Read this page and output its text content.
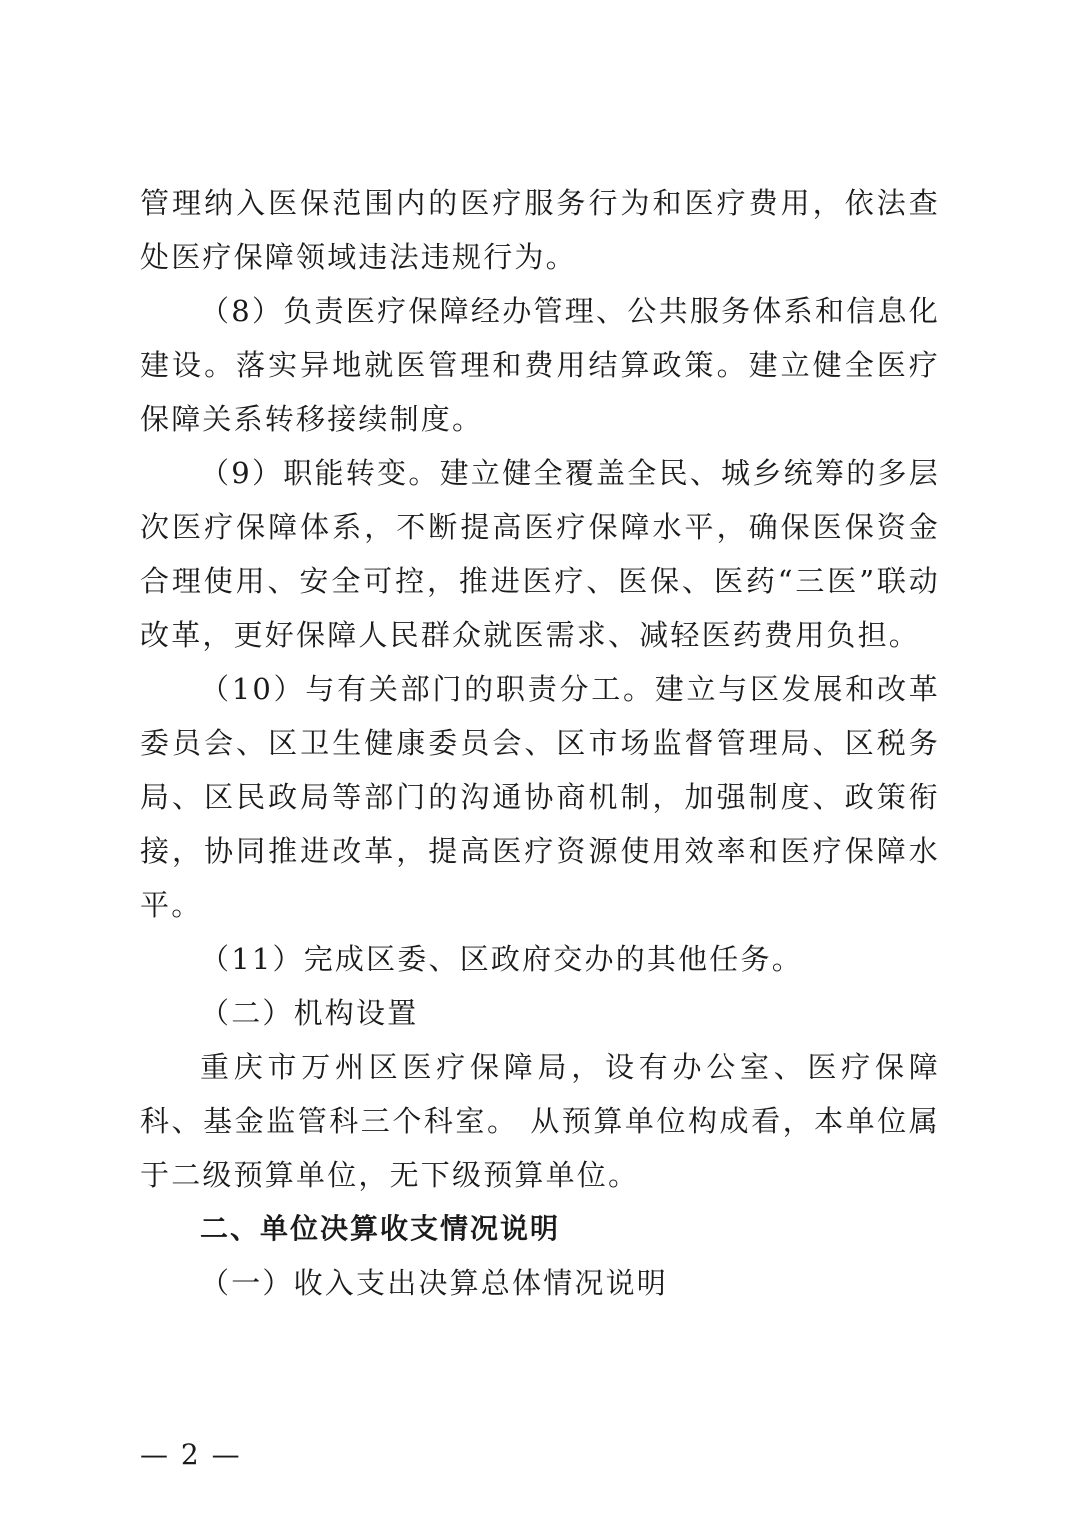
管理纳入医保范围内的医疗服务行为和医疗费用，依法查处医疗保障领域违法违规行为。

（8）负责医疗保障经办管理、公共服务体系和信息化建设。落实异地就医管理和费用结算政策。建立健全医疗保障关系转移接续制度。

（9）职能转变。建立健全覆盖全民、城乡统筹的多层次医疗保障体系，不断提高医疗保障水平，确保医保资金合理使用、安全可控，推进医疗、医保、医药“三医”联动改革，更好保障人民群众就医需求、减轻医药费用负担。

（10）与有关部门的职责分工。建立与区发展和改革委员会、区卫生健康委员会、区市场监督管理局、区税务局、区民政局等部门的沟通协商机制，加强制度、政策衔接，协同推进改革，提高医疗资源使用效率和医疗保障水平。

（11）完成区委、区政府交办的其他任务。

（二）机构设置

重庆市万州区医疗保障局，设有办公室、医疗保障科、基金监管科三个科室。 从预算单位构成看，本单位属于二级预算单位，无下级预算单位。

二、单位决算收支情况说明

（一）收入支出决算总体情况说明

— 2 —
